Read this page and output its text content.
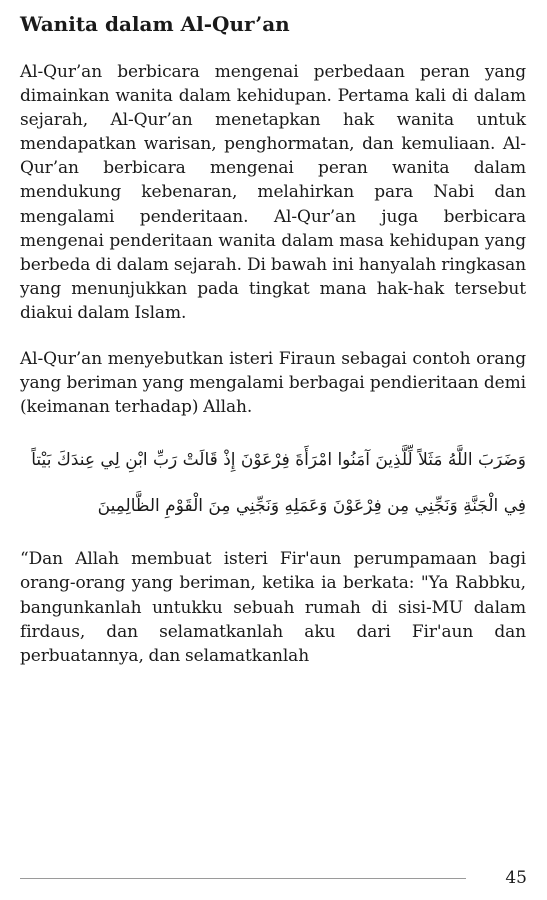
Wanita dalam Al-Qur’an

Al-Qur’an berbicara mengenai perbedaan peran yang dimainkan wanita dalam kehidupan. Pertama kali di dalam sejarah, Al-Qur’an menetapkan hak wanita untuk mendapatkan warisan, penghormatan, dan kemuliaan. Al-Qur’an berbicara mengenai peran wanita dalam mendukung kebenaran, melahirkan para Nabi dan mengalami penderitaan. Al-Qur’an juga berbicara mengenai penderitaan wanita dalam masa kehidupan yang berbeda di dalam sejarah. Di bawah ini hanyalah ringkasan yang menunjukkan pada tingkat mana hak-hak tersebut diakui dalam Islam.

Al-Qur’an menyebutkan isteri Firaun sebagai contoh orang yang beriman yang mengalami berbagai pendieritaan demi (keimanan terhadap) Allah.

وَضَرَبَ اللَّهُ مَثَلاً لِّلَّذِينَ آمَنُوا امْرَأَةَ فِرْعَوْنَ إِذْ قَالَتْ رَبِّ ابْنِ لِي عِندَكَ بَيْتاً فِي الْجَنَّةِ وَنَجِّنِي مِن فِرْعَوْنَ وَعَمَلِهِ وَنَجِّنِي مِنَ الْقَوْمِ الظَّالِمِينَ

“Dan Allah membuat isteri Fir'aun perumpamaan bagi orang-orang yang beriman, ketika ia berkata: "Ya Rabbku, bangunkanlah untukku sebuah rumah di sisi-MU dalam firdaus, dan selamatkanlah aku dari Fir'aun dan perbuatannya, dan selamatkanlah

45
